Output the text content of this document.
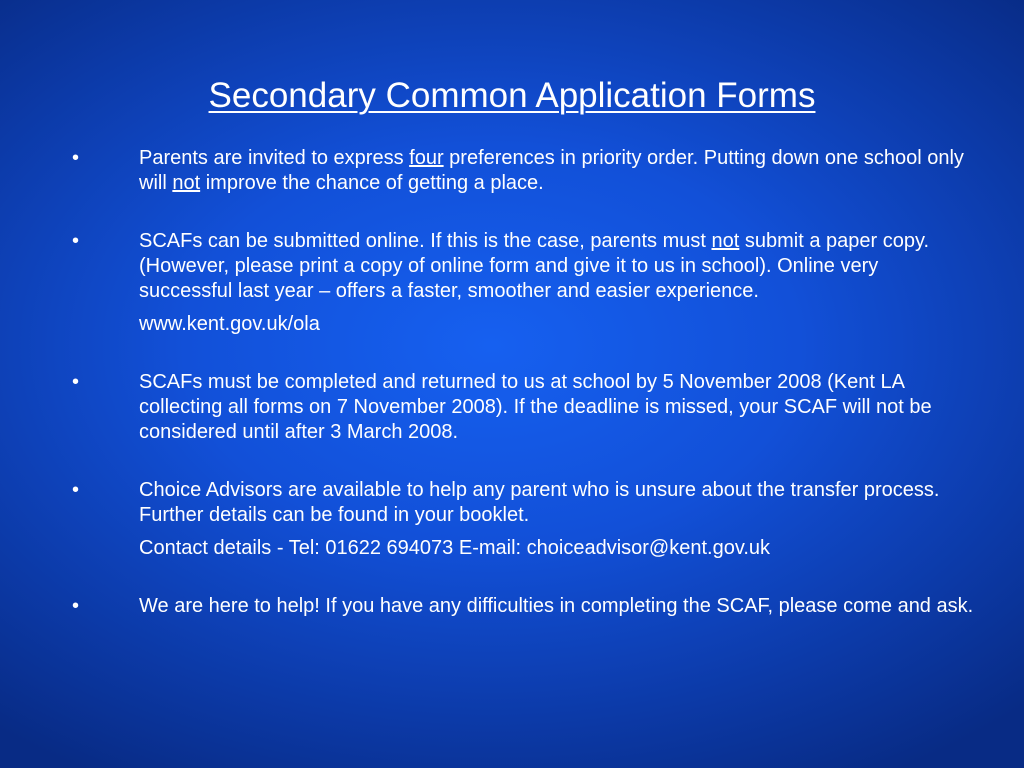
Secondary Common Application Forms
•	Parents are invited to express four preferences in priority order. Putting down one school only will not improve the chance of getting a place.
•	SCAFs can be submitted online. If this is the case, parents must not submit a paper copy. (However, please print a copy of online form and give it to us in school). Online very successful last year – offers a faster, smoother and easier experience.
www.kent.gov.uk/ola
•	SCAFs must be completed and returned to us at school by 5 November 2008 (Kent LA collecting all forms on 7 November 2008). If the deadline is missed, your SCAF will not be considered until after 3 March 2008.
•	Choice Advisors are available to help any parent who is unsure about the transfer process. Further details can be found in your booklet.
Contact details - Tel: 01622 694073 E-mail: choiceadvisor@kent.gov.uk
•	We are here to help! If you have any difficulties in completing the SCAF, please come and ask.
